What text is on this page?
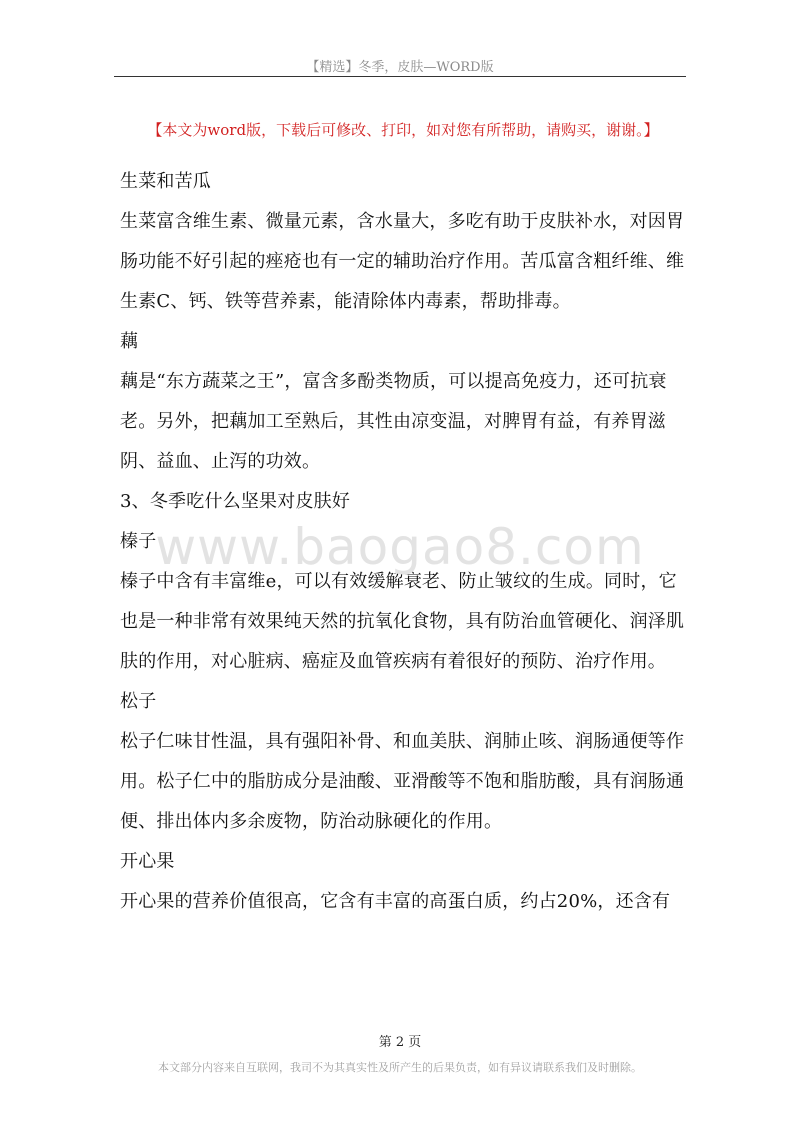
【精选】冬季，皮肤—WORD版
【本文为word版，下载后可修改、打印，如对您有所帮助，请购买，谢谢。】

生菜和苦瓜

生菜富含维生素、微量元素，含水量大，多吃有助于皮肤补水，对因胃肠功能不好引起的痤疮也有一定的辅助治疗作用。苦瓜富含粗纤维、维生素C、钙、铁等营养素，能清除体内毒素，帮助排毒。

藕

藕是“东方蔬菜之王”，富含多酚类物质，可以提高免疫力，还可抗衰老。另外，把藕加工至熟后，其性由凉变温，对脾胃有益，有养胃滋阴、益血、止泻的功效。

3、冬季吃什么坚果对皮肤好

榛子

榛子中含有丰富维e，可以有效缓解衰老、防止皱纹的生成。同时，它也是一种非常有效果纯天然的抗氧化食物，具有防治血管硬化、润泽肌肤的作用，对心脏病、癌症及血管疾病有着很好的预防、治疗作用。

松子

松子仁味甘性温，具有强阳补骨、和血美肤、润肺止咳、润肠通便等作用。松子仁中的脂肪成分是油酸、亚滑酸等不饱和脂肪酸，具有润肠通便、排出体内多余废物，防治动脉硬化的作用。

开心果

开心果的营养价值很高，它含有丰富的高蛋白质，约占20%，还含有

www.baogao8.com
第 2 页
本文部分内容来自互联网，我司不为其真实性及所产生的后果负责，如有异议请联系我们及时删除。
